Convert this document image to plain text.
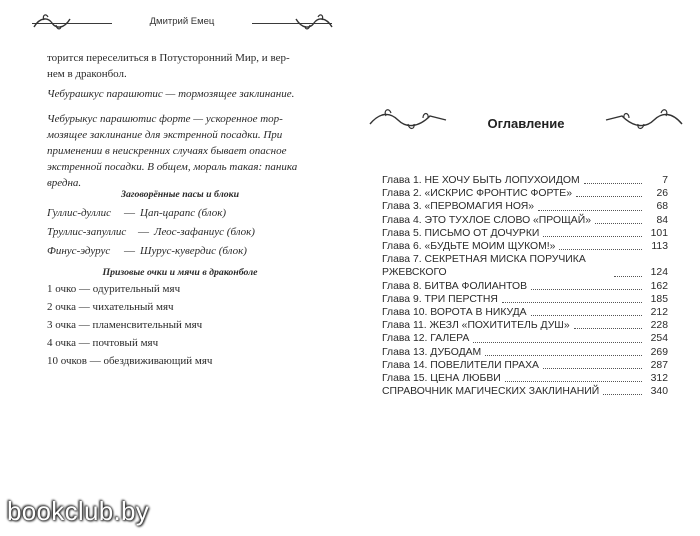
Дмитрий Емец

торится переселиться в Потусторонний Мир, и вер-
нем в драконбол.

Чебурашкус парашютис — тормозящее заклинание.

Чебурыкус парашютис форте — ускоренное тор-
мозящее заклинание для экстренной посадки. При
применении в неискренних случаях бывает опасное
экстренной посадки. В общем, мораль такая: паника
вредна.

Заговорённые пасы и блоки
Гуллис-дуллис — Цап-царапс (блок)
Труллис-запуллис — Леос-зафаниус (блок)
Финус-эдурус — Шурус-кувердис (блок)
Призовые очки и мячи в драконболе
1 очко — одурительный мяч
2 очка — чихательный мяч
3 очка — пламенсвительный мяч
4 очка — почтовый мяч
10 очков — обездвиживающий мяч
Оглавление
Глава 1. НЕ ХОЧУ БЫТЬ ЛОПУХОИДОМ	7
Глава 2. «ИСКРИС ФРОНТИС ФОРТЕ»	26
Глава 3. «ПЕРВОМАГИЯ НОЯ»	68
Глава 4. ЭТО ТУХЛОЕ СЛОВО «ПРОЩАЙ»	84
Глава 5. ПИСЬМО ОТ ДОЧУРКИ	101
Глава 6. «БУДЬТЕ МОИМ ЩУКОМ!»	113
Глава 7. СЕКРЕТНАЯ МИСКА ПОРУЧИКА РЖЕВСКОГО	124
Глава 8. БИТВА ФОЛИАНТОВ	162
Глава 9. ТРИ ПЕРСТНЯ	185
Глава 10. ВОРОТА В НИКУДА	212
Глава 11. ЖЕЗЛ «ПОХИТИТЕЛЬ ДУШ»	228
Глава 12. ГАЛЕРА	254
Глава 13. ДУБОДАМ	269
Глава 14. ПОВЕЛИТЕЛИ ПРАХА	287
Глава 15. ЦЕНА ЛЮБВИ	312
СПРАВОЧНИК МАГИЧЕСКИХ ЗАКЛИНАНИЙ	340
bookclub.by
